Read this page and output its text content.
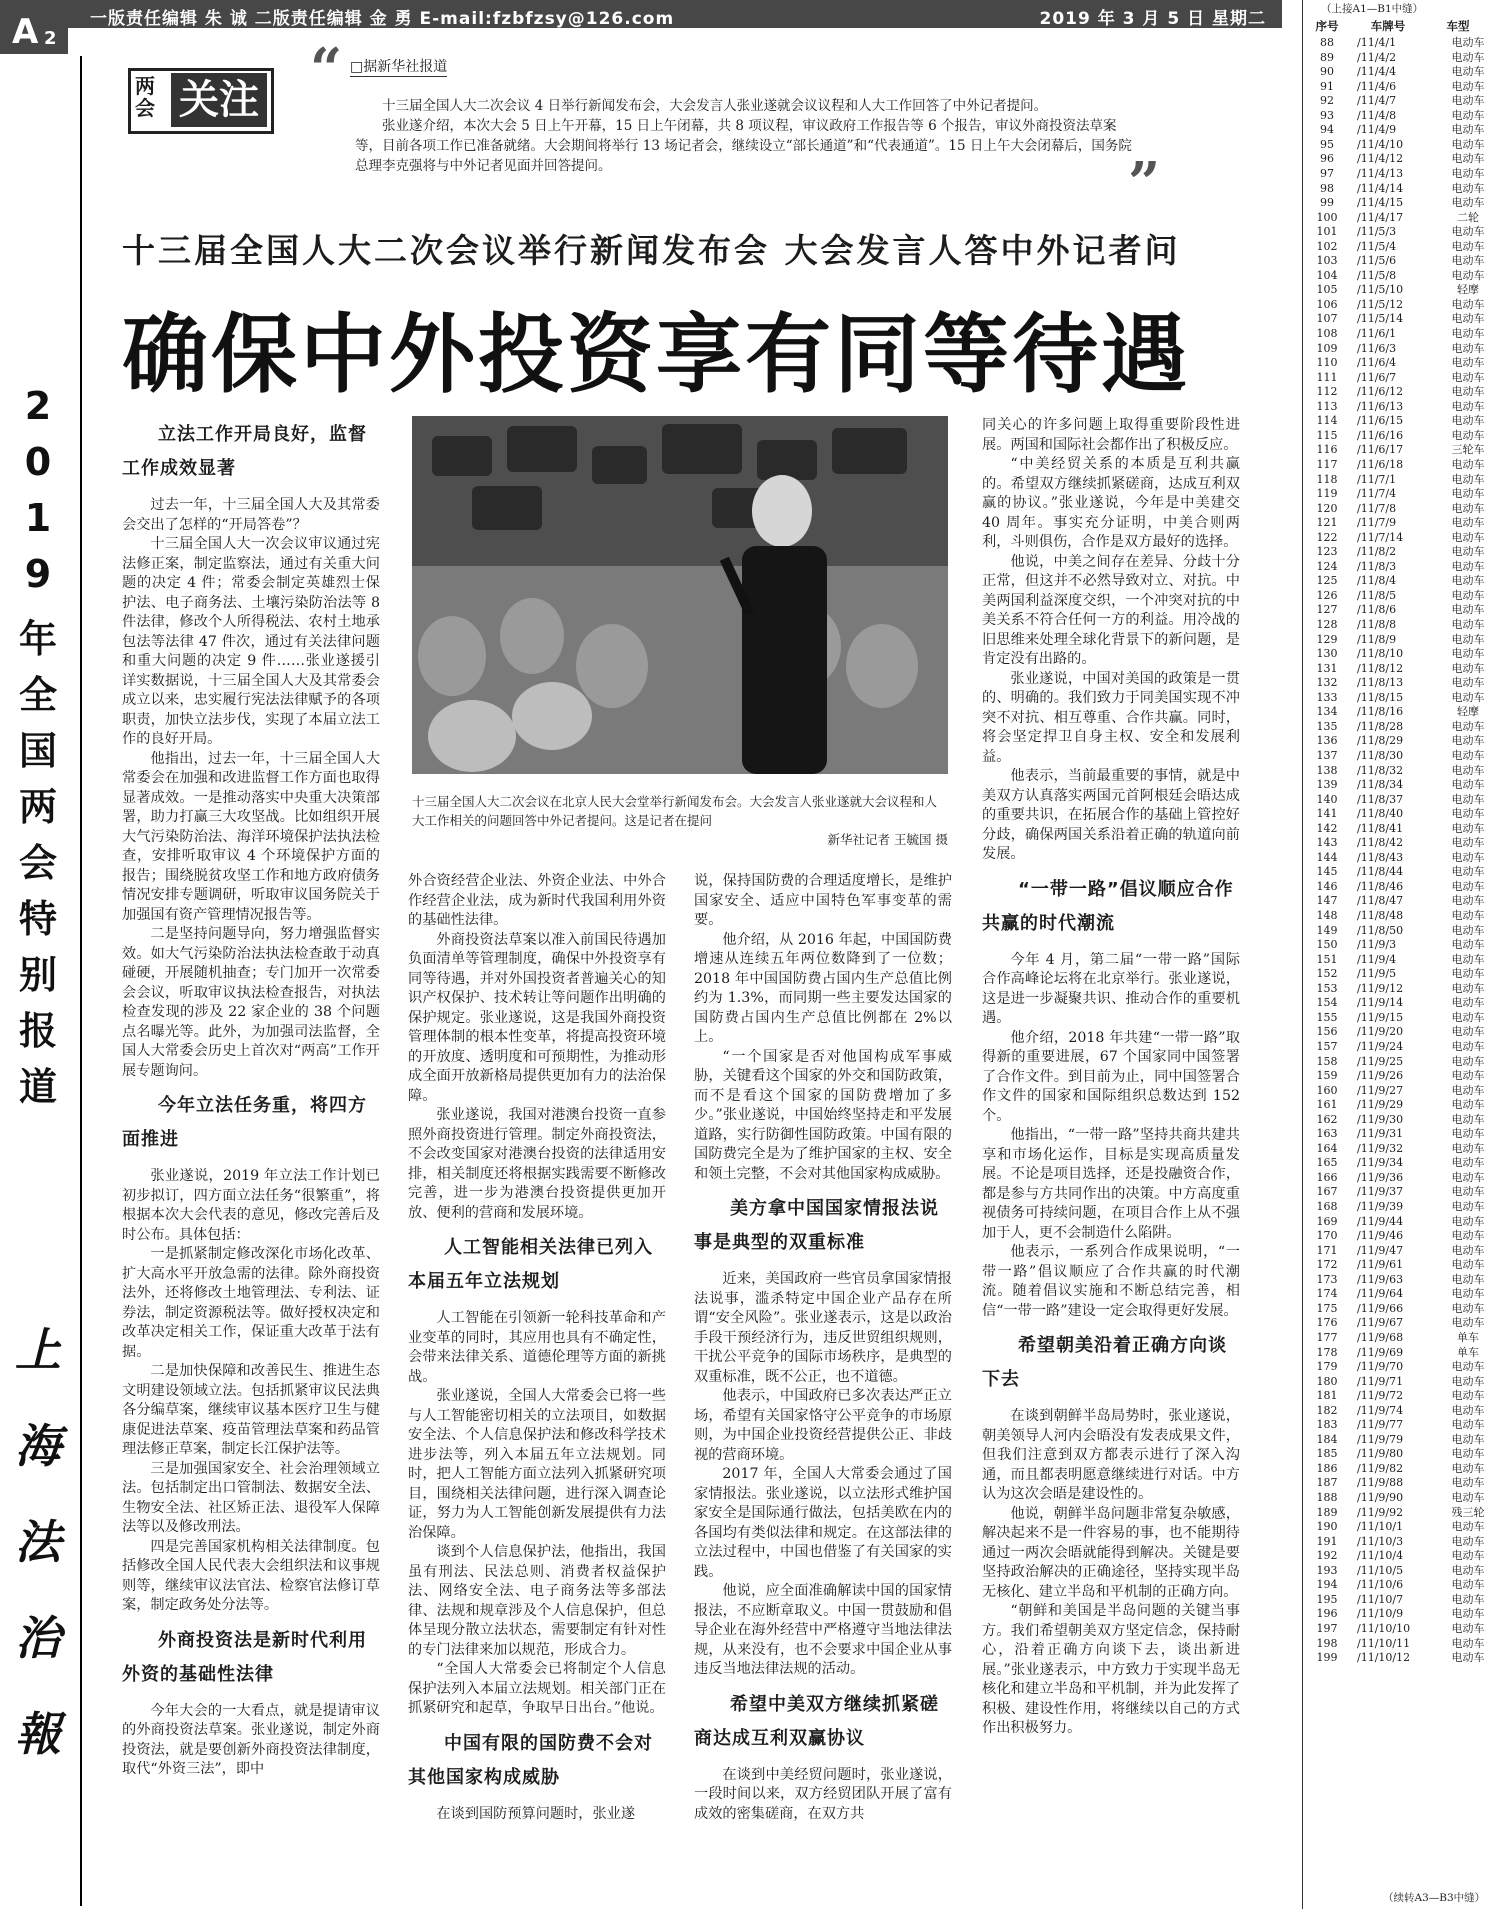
一版责任编辑 朱 诚 二版责任编辑 金 勇 E-mail:fzbfzsy@126.com	2019 年 3 月 5 日 星期二
A 2
2
0
1
9
年
全
国
两
会
特
别
报
道
上
海
法
治
報
两会 关注 “
”
□据新华社报道

十三届全国人大二次会议 4 日举行新闻发布会，大会发言人张业遂就会议议程和人大工作回答了中外记者提问。

张业遂介绍，本次大会 5 日上午开幕，15 日上午闭幕，共 8 项议程，审议政府工作报告等 6 个报告，审议外商投资法草案等，目前各项工作已准备就绪。大会期间将举行 13 场记者会，继续设立“部长通道”和“代表通道”。15 日上午大会闭幕后，国务院总理李克强将与中外记者见面并回答提问。

十三届全国人大二次会议举行新闻发布会 大会发言人答中外记者问
确保中外投资享有同等待遇
十三届全国人大二次会议在北京人民大会堂举行新闻发布会。大会发言人张业遂就大会议程和人大工作相关的问题回答中外记者提问。这是记者在提问
新华社记者 王毓国 摄
立法工作开局良好，监督工作成效显著

过去一年，十三届全国人大及其常委会交出了怎样的“开局答卷”？

十三届全国人大一次会议审议通过宪法修正案，制定监察法，通过有关重大问题的决定 4 件；常委会制定英雄烈士保护法、电子商务法、土壤污染防治法等 8 件法律，修改个人所得税法、农村土地承包法等法律 47 件次，通过有关法律问题和重大问题的决定 9 件……张业遂援引详实数据说，十三届全国人大及其常委会成立以来，忠实履行宪法法律赋予的各项职责，加快立法步伐，实现了本届立法工作的良好开局。

他指出，过去一年，十三届全国人大常委会在加强和改进监督工作方面也取得显著成效。一是推动落实中央重大决策部署，助力打赢三大攻坚战。比如组织开展大气污染防治法、海洋环境保护法执法检查，安排听取审议 4 个环境保护方面的报告；围绕脱贫攻坚工作和地方政府债务情况安排专题调研，听取审议国务院关于加强国有资产管理情况报告等。

二是坚持问题导向，努力增强监督实效。如大气污染防治法执法检查敢于动真碰硬，开展随机抽查；专门加开一次常委会会议，听取审议执法检查报告，对执法检查发现的涉及 22 家企业的 38 个问题点名曝光等。此外，为加强司法监督，全国人大常委会历史上首次对“两高”工作开展专题询问。

今年立法任务重，将四方面推进

张业遂说，2019 年立法工作计划已初步拟订，四方面立法任务“很繁重”，将根据本次大会代表的意见，修改完善后及时公布。具体包括：

一是抓紧制定修改深化市场化改革、扩大高水平开放急需的法律。除外商投资法外，还将修改土地管理法、专利法、证券法，制定资源税法等。做好授权决定和改革决定相关工作，保证重大改革于法有据。

二是加快保障和改善民生、推进生态文明建设领域立法。包括抓紧审议民法典各分编草案，继续审议基本医疗卫生与健康促进法草案、疫苗管理法草案和药品管理法修正草案，制定长江保护法等。

三是加强国家安全、社会治理领域立法。包括制定出口管制法、数据安全法、生物安全法、社区矫正法、退役军人保障法等以及修改刑法。

四是完善国家机构相关法律制度。包括修改全国人民代表大会组织法和议事规则等，继续审议法官法、检察官法修订草案，制定政务处分法等。

外商投资法是新时代利用外资的基础性法律

今年大会的一大看点，就是提请审议的外商投资法草案。张业遂说，制定外商投资法，就是要创新外商投资法律制度，取代“外资三法”，即中

外合资经营企业法、外资企业法、中外合作经营企业法，成为新时代我国利用外资的基础性法律。

外商投资法草案以准入前国民待遇加负面清单等管理制度，确保中外投资享有同等待遇，并对外国投资者普遍关心的知识产权保护、技术转让等问题作出明确的保护规定。张业遂说，这是我国外商投资管理体制的根本性变革，将提高投资环境的开放度、透明度和可预期性，为推动形成全面开放新格局提供更加有力的法治保障。

张业遂说，我国对港澳台投资一直参照外商投资进行管理。制定外商投资法，不会改变国家对港澳台投资的法律适用安排，相关制度还将根据实践需要不断修改完善，进一步为港澳台投资提供更加开放、便利的营商和发展环境。

人工智能相关法律已列入本届五年立法规划

人工智能在引领新一轮科技革命和产业变革的同时，其应用也具有不确定性，会带来法律关系、道德伦理等方面的新挑战。

张业遂说，全国人大常委会已将一些与人工智能密切相关的立法项目，如数据安全法、个人信息保护法和修改科学技术进步法等，列入本届五年立法规划。同时，把人工智能方面立法列入抓紧研究项目，围绕相关法律问题，进行深入调查论证，努力为人工智能创新发展提供有力法治保障。

谈到个人信息保护法，他指出，我国虽有刑法、民法总则、消费者权益保护法、网络安全法、电子商务法等多部法律、法规和规章涉及个人信息保护，但总体呈现分散立法状态，需要制定有针对性的专门法律来加以规范，形成合力。

“全国人大常委会已将制定个人信息保护法列入本届立法规划。相关部门正在抓紧研究和起草，争取早日出台。”他说。

中国有限的国防费不会对其他国家构成威胁

在谈到国防预算问题时，张业遂

说，保持国防费的合理适度增长，是维护国家安全、适应中国特色军事变革的需要。

他介绍，从 2016 年起，中国国防费增速从连续五年两位数降到了一位数；2018 年中国国防费占国内生产总值比例约为 1.3%，而同期一些主要发达国家的国防费占国内生产总值比例都在 2%以上。

“一个国家是否对他国构成军事威胁，关键看这个国家的外交和国防政策，而不是看这个国家的国防费增加了多少。”张业遂说，中国始终坚持走和平发展道路，实行防御性国防政策。中国有限的国防费完全是为了维护国家的主权、安全和领土完整，不会对其他国家构成威胁。

美方拿中国国家情报法说事是典型的双重标准

近来，美国政府一些官员拿国家情报法说事，滥杀特定中国企业产品存在所谓“安全风险”。张业遂表示，这是以政治手段干预经济行为，违反世贸组织规则，干扰公平竞争的国际市场秩序，是典型的双重标准，既不公正，也不道德。

他表示，中国政府已多次表达严正立场，希望有关国家恪守公平竞争的市场原则，为中国企业投资经营提供公正、非歧视的营商环境。

2017 年，全国人大常委会通过了国家情报法。张业遂说，以立法形式维护国家安全是国际通行做法，包括美欧在内的各国均有类似法律和规定。在这部法律的立法过程中，中国也借鉴了有关国家的实践。

他说，应全面准确解读中国的国家情报法，不应断章取义。中国一贯鼓励和倡导企业在海外经营中严格遵守当地法律法规，从来没有，也不会要求中国企业从事违反当地法律法规的活动。

希望中美双方继续抓紧磋商达成互利双赢协议

在谈到中美经贸问题时，张业遂说，一段时间以来，双方经贸团队开展了富有成效的密集磋商，在双方共

同关心的许多问题上取得重要阶段性进展。两国和国际社会都作出了积极反应。

“中美经贸关系的本质是互利共赢的。希望双方继续抓紧磋商，达成互利双赢的协议。”张业遂说，今年是中美建交 40 周年。事实充分证明，中美合则两利，斗则俱伤，合作是双方最好的选择。

他说，中美之间存在差异、分歧十分正常，但这并不必然导致对立、对抗。中美两国利益深度交织，一个冲突对抗的中美关系不符合任何一方的利益。用冷战的旧思维来处理全球化背景下的新问题，是肯定没有出路的。

张业遂说，中国对美国的政策是一贯的、明确的。我们致力于同美国实现不冲突不对抗、相互尊重、合作共赢。同时，将会坚定捍卫自身主权、安全和发展利益。

他表示，当前最重要的事情，就是中美双方认真落实两国元首阿根廷会晤达成的重要共识，在拓展合作的基础上管控好分歧，确保两国关系沿着正确的轨道向前发展。

“一带一路”倡议顺应合作共赢的时代潮流

今年 4 月，第二届“一带一路”国际合作高峰论坛将在北京举行。张业遂说，这是进一步凝聚共识、推动合作的重要机遇。

他介绍，2018 年共建“一带一路”取得新的重要进展，67 个国家同中国签署了合作文件。到目前为止，同中国签署合作文件的国家和国际组织总数达到 152 个。

他指出，“一带一路”坚持共商共建共享和市场化运作，目标是实现高质量发展。不论是项目选择，还是投融资合作，都是参与方共同作出的决策。中方高度重视债务可持续问题，在项目合作上从不强加于人，更不会制造什么陷阱。

他表示，一系列合作成果说明，“一带一路”倡议顺应了合作共赢的时代潮流。随着倡议实施和不断总结完善，相信“一带一路”建设一定会取得更好发展。

希望朝美沿着正确方向谈下去

在谈到朝鲜半岛局势时，张业遂说，朝美领导人河内会晤没有发表成果文件，但我们注意到双方都表示进行了深入沟通，而且都表明愿意继续进行对话。中方认为这次会晤是建设性的。

他说，朝鲜半岛问题非常复杂敏感，解决起来不是一件容易的事，也不能期待通过一两次会晤就能得到解决。关键是要坚持政治解决的正确途径，坚持实现半岛无核化、建立半岛和平机制的正确方向。

“朝鲜和美国是半岛问题的关键当事方。我们希望朝美双方坚定信念，保持耐心，沿着正确方向谈下去，谈出新进展。”张业遂表示，中方致力于实现半岛无核化和建立半岛和平机制，并为此发挥了积极、建设性作用，将继续以自己的方式作出积极努力。

（上接A1—B1中缝）
序号	车牌号	车型
88	/11/4/1	电动车
89	/11/4/2	电动车
90	/11/4/4	电动车
91	/11/4/6	电动车
92	/11/4/7	电动车
93	/11/4/8	电动车
94	/11/4/9	电动车
95	/11/4/10	电动车
96	/11/4/12	电动车
97	/11/4/13	电动车
98	/11/4/14	电动车
99	/11/4/15	电动车
100	/11/4/17	二轮
101	/11/5/3	电动车
102	/11/5/4	电动车
103	/11/5/6	电动车
104	/11/5/8	电动车
105	/11/5/10	轻摩
106	/11/5/12	电动车
107	/11/5/14	电动车
108	/11/6/1	电动车
109	/11/6/3	电动车
110	/11/6/4	电动车
111	/11/6/7	电动车
112	/11/6/12	电动车
113	/11/6/13	电动车
114	/11/6/15	电动车
115	/11/6/16	电动车
116	/11/6/17	三轮车
117	/11/6/18	电动车
118	/11/7/1	电动车
119	/11/7/4	电动车
120	/11/7/8	电动车
121	/11/7/9	电动车
122	/11/7/14	电动车
123	/11/8/2	电动车
124	/11/8/3	电动车
125	/11/8/4	电动车
126	/11/8/5	电动车
127	/11/8/6	电动车
128	/11/8/8	电动车
129	/11/8/9	电动车
130	/11/8/10	电动车
131	/11/8/12	电动车
132	/11/8/13	电动车
133	/11/8/15	电动车
134	/11/8/16	轻摩
135	/11/8/28	电动车
136	/11/8/29	电动车
137	/11/8/30	电动车
138	/11/8/32	电动车
139	/11/8/34	电动车
140	/11/8/37	电动车
141	/11/8/40	电动车
142	/11/8/41	电动车
143	/11/8/42	电动车
144	/11/8/43	电动车
145	/11/8/44	电动车
146	/11/8/46	电动车
147	/11/8/47	电动车
148	/11/8/48	电动车
149	/11/8/50	电动车
150	/11/9/3	电动车
151	/11/9/4	电动车
152	/11/9/5	电动车
153	/11/9/12	电动车
154	/11/9/14	电动车
155	/11/9/15	电动车
156	/11/9/20	电动车
157	/11/9/24	电动车
158	/11/9/25	电动车
159	/11/9/26	电动车
160	/11/9/27	电动车
161	/11/9/29	电动车
162	/11/9/30	电动车
163	/11/9/31	电动车
164	/11/9/32	电动车
165	/11/9/34	电动车
166	/11/9/36	电动车
167	/11/9/37	电动车
168	/11/9/39	电动车
169	/11/9/44	电动车
170	/11/9/46	电动车
171	/11/9/47	电动车
172	/11/9/61	电动车
173	/11/9/63	电动车
174	/11/9/64	电动车
175	/11/9/66	电动车
176	/11/9/67	电动车
177	/11/9/68	单车
178	/11/9/69	单车
179	/11/9/70	电动车
180	/11/9/71	电动车
181	/11/9/72	电动车
182	/11/9/74	电动车
183	/11/9/77	电动车
184	/11/9/79	电动车
185	/11/9/80	电动车
186	/11/9/82	电动车
187	/11/9/88	电动车
188	/11/9/90	电动车
189	/11/9/92	残三轮
190	/11/10/1	电动车
191	/11/10/3	电动车
192	/11/10/4	电动车
193	/11/10/5	电动车
194	/11/10/6	电动车
195	/11/10/7	电动车
196	/11/10/9	电动车
197	/11/10/10	电动车
198	/11/10/11	电动车
199	/11/10/12	电动车
（续转A3—B3中缝）
